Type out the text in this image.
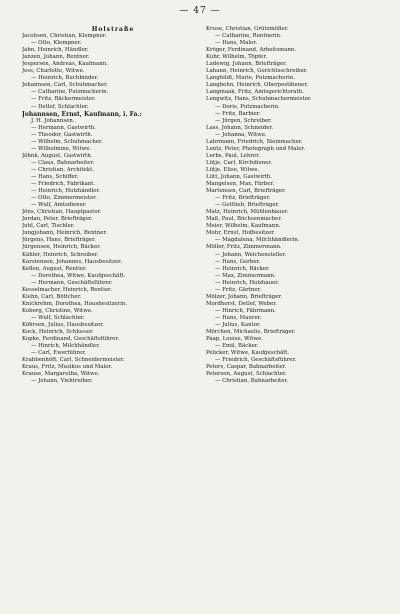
— 47 —
Holstraße
Jacobsen, Christian, Klempner.
— Otto, Klempner.
Jahn, Heinrich, Händler.
Janzen, Johann, Rentner.
Jespersen, Andreas, Kaufmann.
Jess, Charlotte, Witwe.
— Heinrich, Buchbinder.
Johannsen, Carl, Schuhmacher.
— Catharine, Putzmacherin.
— Fritz, Bäckermeister.
— Detlef, Schlachter.
Johannsen, Ernst, Kaufmann, i. Fa.:
J. H. Johannsen.
— Hermann, Gastwirth.
— Theodor, Gastwirth.
— Wilhelm, Schuhmacher.
— Wilhelmine, Witwe.
Jöhnk, August, Gastwirth.
— Claus, Bahnarbeiter.
— Christian, Architekt.
— Hans, Schiffer.
— Friedrich, Fabrikant.
— Heinrich, Holzhändler.
— Otto, Zimmermeister.
— Wulf, Amtsdiener.
Jöns, Christian, Hauptpastor.
Jordan, Peter, Briefträger.
Juhl, Carl, Tischler.
Jungjohann, Heinrich, Rentner.
Jürgens, Hans, Briefträger.
Jürgensen, Heinrich, Bäcker.
Kähler, Heinrich, Schreiber.
Karstensen, Johannes, Hausbesitzer.
Kellen, August, Rentier.
— Dorothea, Witwe, Kaufgeschäft.
— Hermann, Geschäftsführer.
Kesselmacher, Heinrich, Rentier.
Kiehn, Carl, Böttcher.
Knickrehm, Dorothea, Hausbesitzerin.
Koberg, Christine, Witwe.
— Wulf, Schlachter.
Köhrsen, Julius, Hausbesitzer.
Kock, Heinrich, Schlosser.
Kopke, Ferdinand, Geschäftsführer.
— Hinrich, Milchhändler.
— Carl, Ewerführer.
Krabbenhöft, Carl, Schneidermeister.
Kraus, Fritz, Musikus und Maler.
Krause, Margaretha, Witwe.
— Johann, Viehtreiber.
Kruse, Christian, Grützmüller.
— Catharine, Rentnerin.
— Hans, Maler.
Kröger, Ferdinand, Arbeitsmann.
Kuhr, Wilhelm, Töpfer.
Ladewig, Johann, Briefträger.
Lahann, Heinrich, Gerichtsschreiber.
Langfeldt, Marie, Putzmacherin.
Langbehn, Heinrich, Oberpostdiener.
Langmaak, Fritz, Amtsgerichtsrath.
Lengwitz, Hans, Schuhmachermeister.
— Doris, Putzmacherin.
— Fritz, Barbier.
— Jürgen, Schreiber.
Lass, Johann, Schneider.
— Johanna, Witwe.
Lahrmann, Friedrich, Steinmacher.
Lentz, Peter, Photograph und Maler.
Lerbs, Paul, Lehrer.
Lütje, Carl, Kirchdiener.
Lütje, Elise, Witwe.
Lütt, Johann, Gastwirth.
Mangelsen, Max, Färber.
Martensen, Carl, Briefträger.
— Fritz, Briefträger.
— Gottlieb, Briefträger.
Matz, Heinrich, Mühlenbauer.
Maß, Paul, Büchsenmacher.
Meier, Wilhelm, Kaufmann.
Mohr, Ernst, Hofbesitzer.
— Magdalena, Milchhändlerin.
Möller, Fritz, Zimmermann.
— Johann, Weichensteller.
— Hans, Gerber.
— Heinrich, Bäcker.
— Max, Zimmermann.
— Heinrich, Holzhauer.
— Fritz, Gärtner.
Mölzer, Johann, Briefträger.
Mordhorst, Detlef, Weber.
— Hinrich, Fährmann.
— Hans, Maurer.
— Julius, Kantor.
Mörchen, Michaelis, Briefträger.
Paap, Louise, Witwe.
— Emil, Bäcker.
Pelicker, Witwe, Kaufgeschäft.
— Friedrich, Geschäftsführer.
Peters, Caspar, Bahnarbeiter.
Petersen, August, Schlachter.
— Christian, Bahnarbeiter.
